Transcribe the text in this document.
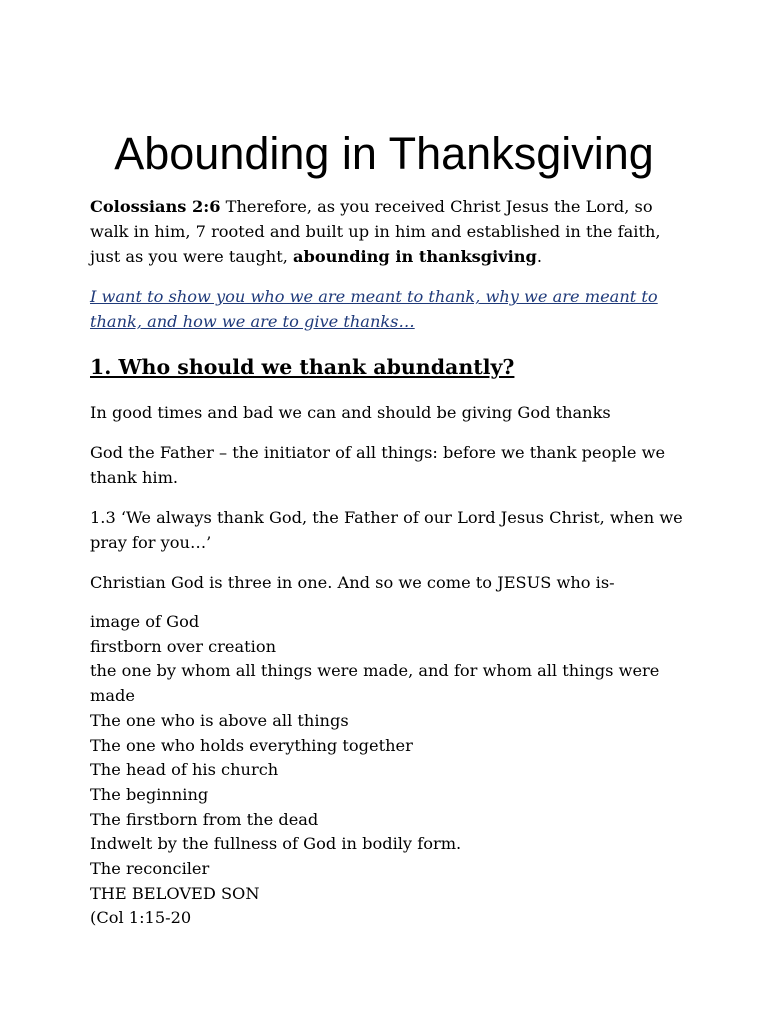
Abounding in Thanksgiving

Colossians 2:6 Therefore, as you received Christ Jesus the Lord, so walk in him, 7 rooted and built up in him and established in the faith, just as you were taught, abounding in thanksgiving.

I want to show you who we are meant to thank, why we are meant to thank, and how we are to give thanks…

1. Who should we thank abundantly?

In good times and bad we can and should be giving God thanks

God the Father – the initiator of all things: before we thank people we thank him.

1.3 ‘We always thank God, the Father of our Lord Jesus Christ, when we pray for you…’

Christian God is three in one. And so we come to JESUS who is-

image of God
firstborn over creation
the one by whom all things were made, and for whom all things were made
The one who is above all things
The one who holds everything together
The head of his church
The beginning
The firstborn from the dead
Indwelt by the fullness of God in bodily form.
The reconciler
THE BELOVED SON
(Col 1:15-20
